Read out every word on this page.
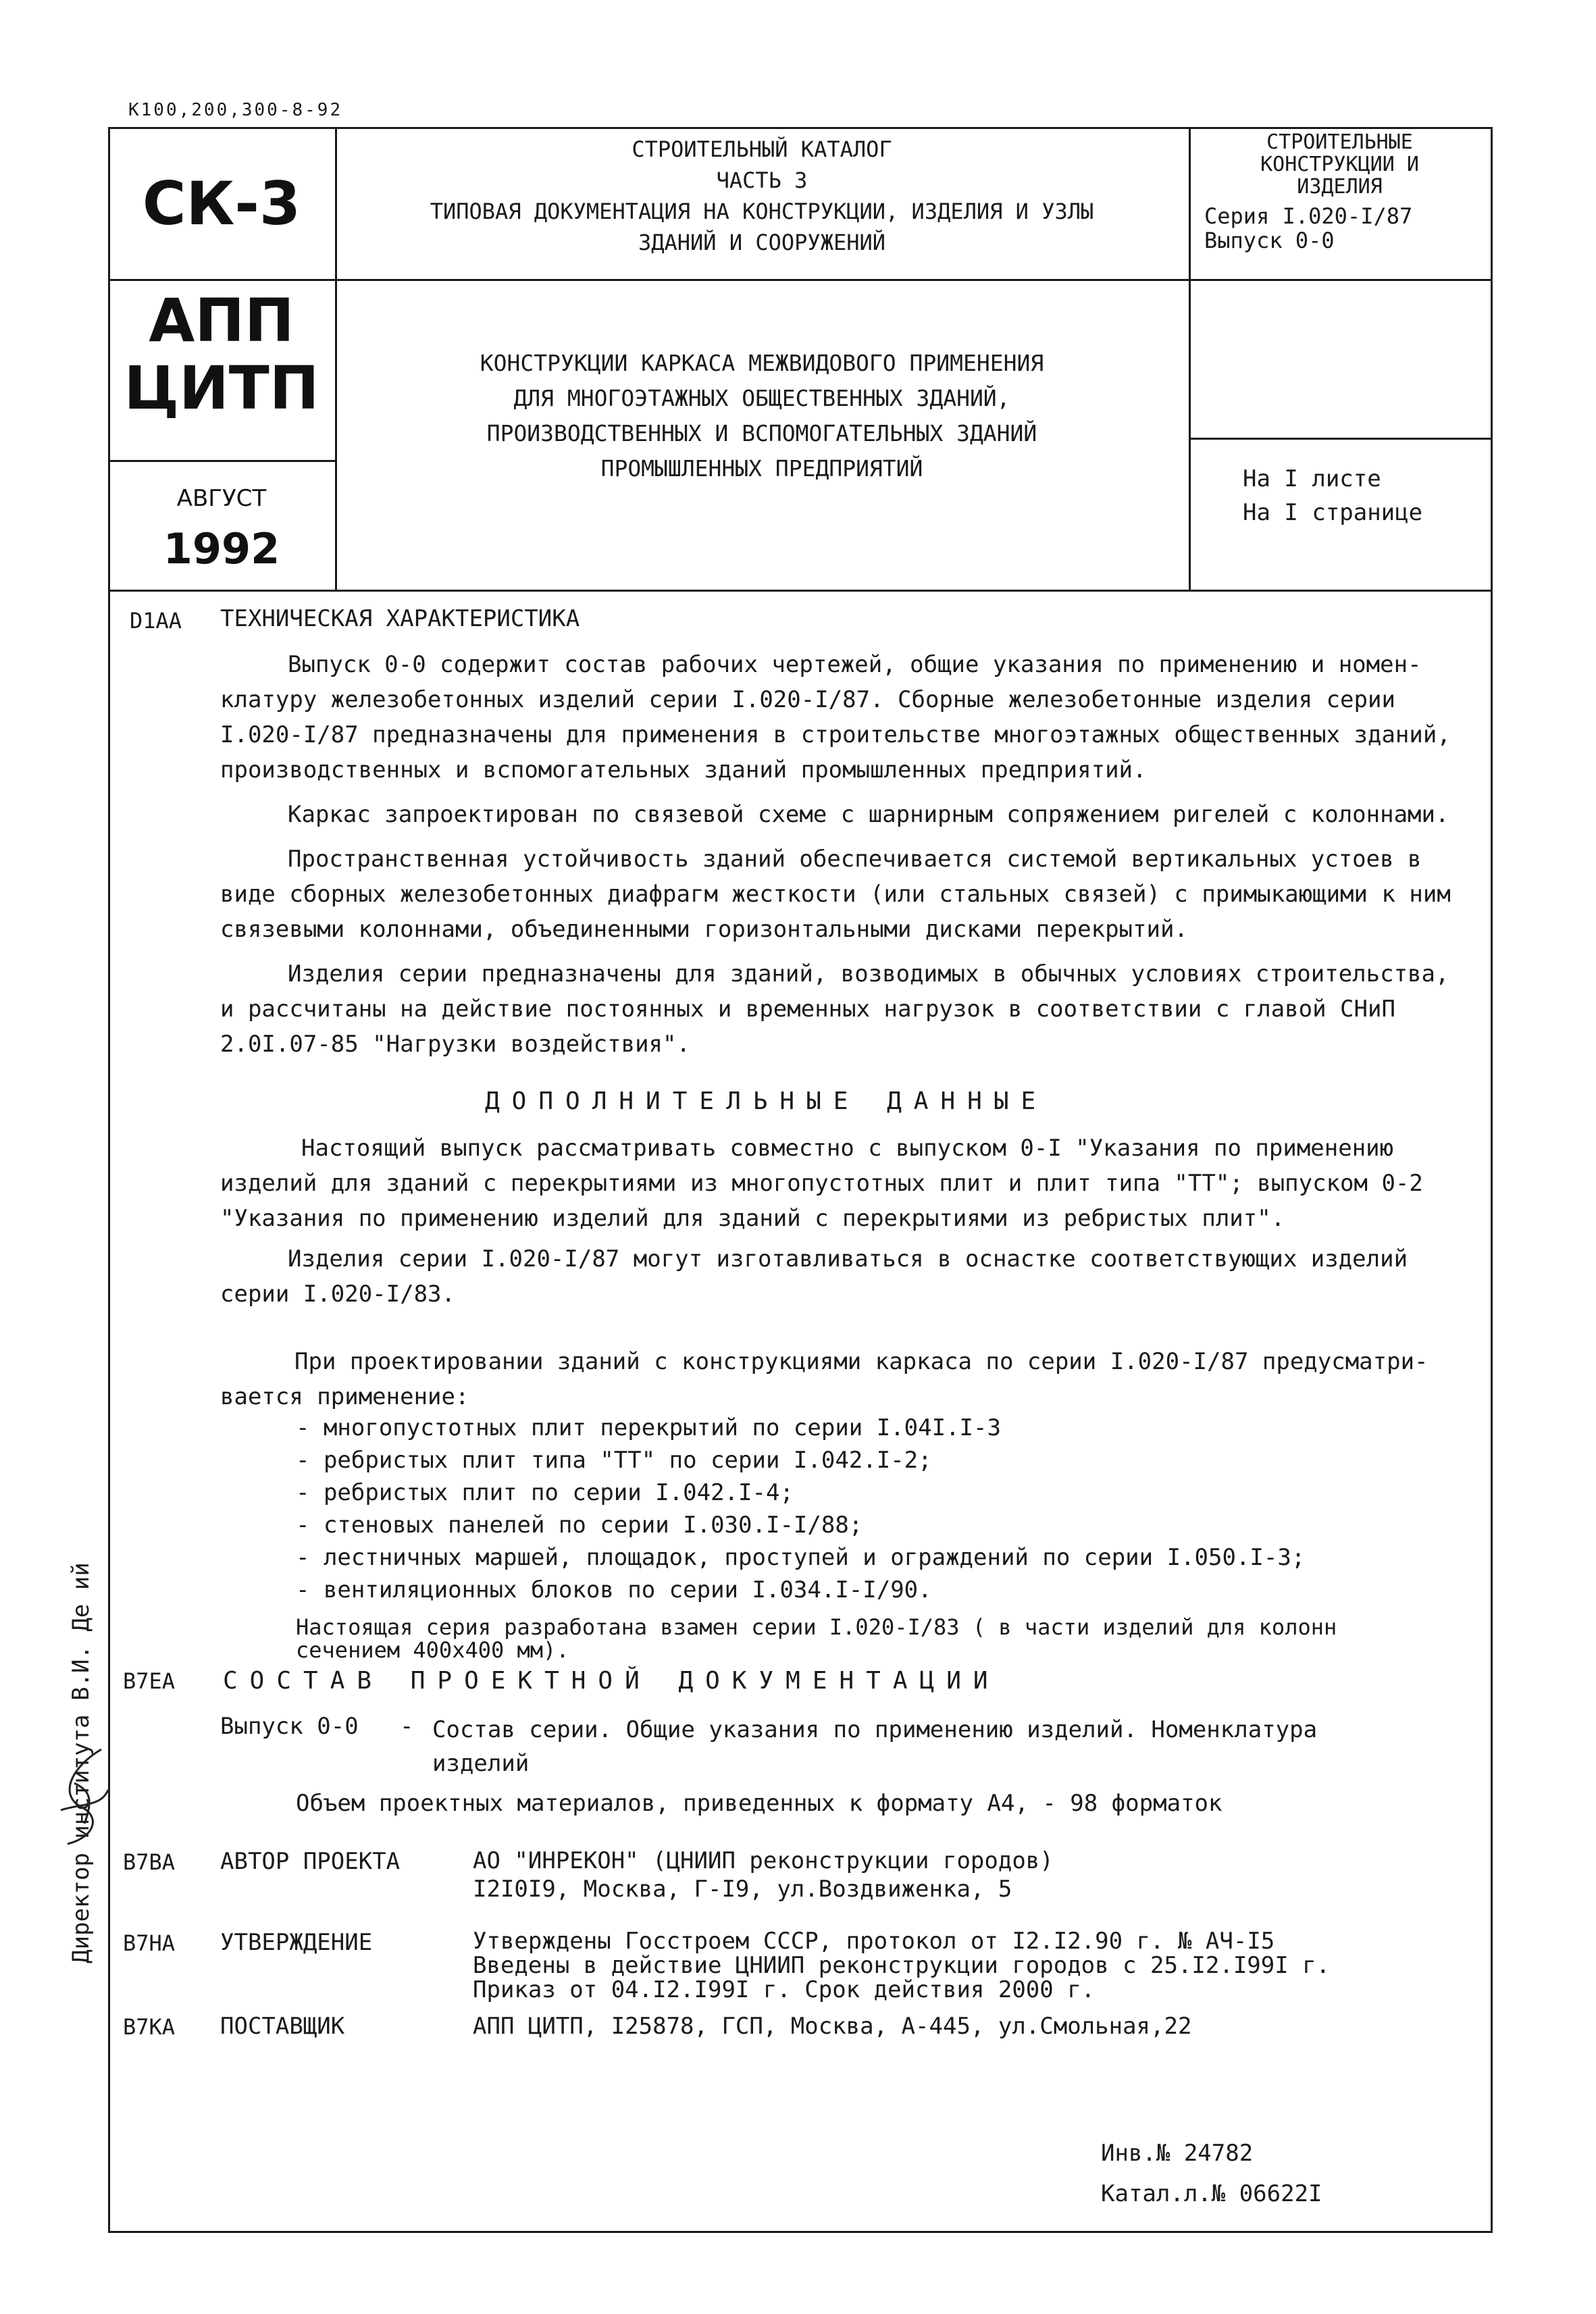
К100,200,300-8-92
СК-3
АПП
ЦИТП
АВГУСТ
1992
СТРОИТЕЛЬНЫЙ КАТАЛОГ
ЧАСТЬ 3
ТИПОВАЯ ДОКУМЕНТАЦИЯ НА КОНСТРУКЦИИ, ИЗДЕЛИЯ И УЗЛЫ
ЗДАНИЙ И СООРУЖЕНИЙ
СТРОИТЕЛЬНЫЕ
КОНСТРУКЦИИ И
ИЗДЕЛИЯ
Серия I.020-I/87
Выпуск 0-0
На I листе
На I странице
КОНСТРУКЦИИ КАРКАСА МЕЖВИДОВОГО ПРИМЕНЕНИЯ
ДЛЯ МНОГОЭТАЖНЫХ ОБЩЕСТВЕННЫХ ЗДАНИЙ,
ПРОИЗВОДСТВЕННЫХ И ВСПОМОГАТЕЛЬНЫХ ЗДАНИЙ
ПРОМЫШЛЕННЫХ ПРЕДПРИЯТИЙ
D1AA ТЕХНИЧЕСКАЯ ХАРАКТЕРИСТИКА
Выпуск 0-0 содержит состав рабочих чертежей, общие указания по применению и номен-
клатуру железобетонных изделий серии I.020-I/87. Сборные железобетонные изделия серии
I.020-I/87 предназначены для применения в строительстве многоэтажных общественных зданий,
производственных и вспомогательных зданий промышленных предприятий.
Каркас запроектирован по связевой схеме с шарнирным сопряжением ригелей с колоннами.
Пространственная устойчивость зданий обеспечивается системой вертикальных устоев в
виде сборных железобетонных диафрагм жесткости (или стальных связей) с примыкающими к ним
связевыми колоннами, объединенными горизонтальными дисками перекрытий.
Изделия серии предназначены для зданий, возводимых в обычных условиях строительства,
и рассчитаны на действие постоянных и временных нагрузок в соответствии с главой СНиП
2.0I.07-85 "Нагрузки воздействия".
ДОПОЛНИТЕЛЬНЫЕ ДАННЫЕ
Настоящий выпуск рассматривать совместно с выпуском 0-I "Указания по применению
изделий для зданий с перекрытиями из многопустотных плит и плит типа "ТТ"; выпуском 0-2
"Указания по применению изделий для зданий с перекрытиями из ребристых плит".
Изделия серии I.020-I/87 могут изготавливаться в оснастке соответствующих изделий
серии I.020-I/83.
При проектировании зданий с конструкциями каркаса по серии I.020-I/87 предусматри-
вается применение:
- многопустотных плит перекрытий по серии I.04I.I-3
- ребристых плит типа "ТТ" по серии I.042.I-2;
- ребристых плит по серии I.042.I-4;
- стеновых панелей по серии I.030.I-I/88;
- лестничных маршей, площадок, проступей и ограждений по серии I.050.I-3;
- вентиляционных блоков по серии I.034.I-I/90.
Настоящая серия разработана взамен серии I.020-I/83 ( в части изделий для колонн
сечением 400х400 мм).
B7EA СОСТАВ ПРОЕКТНОЙ ДОКУМЕНТАЦИИ
Выпуск 0-0 - Состав серии. Общие указания по применению изделий. Номенклатура
изделий
Объем проектных материалов, приведенных к формату А4, - 98 форматок
B7BA АВТОР ПРОЕКТА	АО "ИНРЕКОН" (ЦНИИП реконструкции городов)
I2I0I9, Москва, Г-I9, ул.Воздвиженка, 5
B7HA УТВЕРЖДЕНИЕ	Утверждены Госстроем СССР, протокол от I2.I2.90 г. № АЧ-I5
Введены в действие ЦНИИП реконструкции городов с 25.I2.I99I г.
Приказ от 04.I2.I99I г. Срок действия 2000 г.
B7KA ПОСТАВЩИК	АПП ЦИТП, I25878, ГСП, Москва, А-445, ул.Смольная,22
Инв.№ 24782
Катал.л.№ 06622I
Директор института В.И. Де ий
